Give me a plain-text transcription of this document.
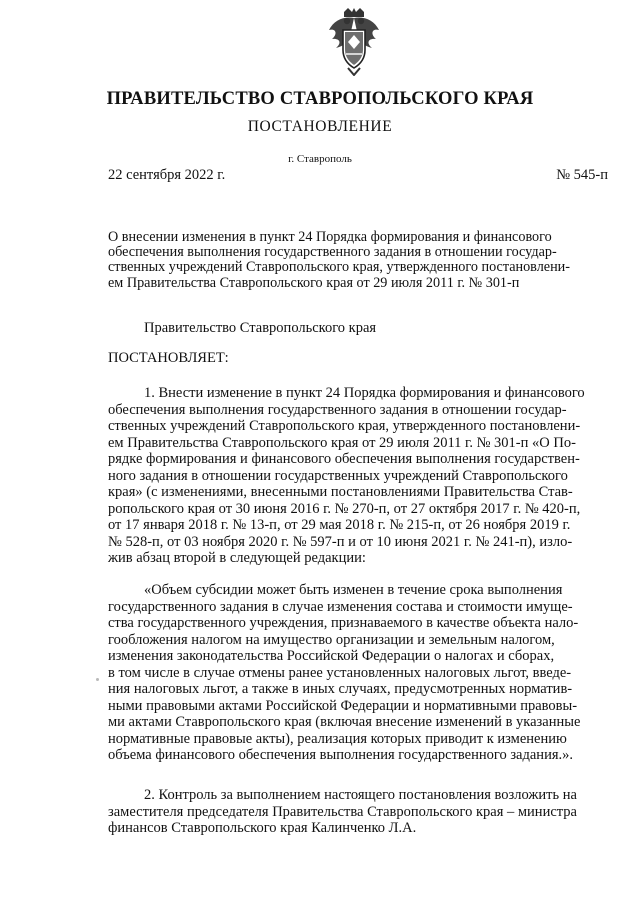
ПРАВИТЕЛЬСТВО СТАВРОПОЛЬСКОГО КРАЯ
ПОСТАНОВЛЕНИЕ
г. Ставрополь
22 сентября 2022 г.	№ 545-п
О внесении изменения в пункт 24 Порядка формирования и финансового
обеспечения выполнения государственного задания в отношении государ-
ственных учреждений Ставропольского края, утвержденного постановлени-
ем Правительства Ставропольского края от 29 июля 2011 г. № 301-п
Правительство Ставропольского края
ПОСТАНОВЛЯЕТ:
1. Внести изменение в пункт 24 Порядка формирования и финансового
обеспечения выполнения государственного задания в отношении государ-
ственных учреждений Ставропольского края, утвержденного постановлени-
ем Правительства Ставропольского края от 29 июля 2011 г. № 301-п «О По-
рядке формирования и финансового обеспечения выполнения государствен-
ного задания в отношении государственных учреждений Ставропольского
края» (с изменениями, внесенными постановлениями Правительства Став-
ропольского края от 30 июня 2016 г. № 270-п, от 27 октября 2017 г. № 420-п,
от 17 января 2018 г. № 13-п, от 29 мая 2018 г. № 215-п, от 26 ноября 2019 г.
№ 528-п, от 03 ноября 2020 г. № 597-п и от 10 июня 2021 г. № 241-п), изло-
жив абзац второй в следующей редакции:
«Объем субсидии может быть изменен в течение срока выполнения
государственного задания в случае изменения состава и стоимости имуще-
ства государственного учреждения, признаваемого в качестве объекта нало-
гообложения налогом на имущество организации и земельным налогом,
изменения законодательства Российской Федерации о налогах и сборах,
в том числе в случае отмены ранее установленных налоговых льгот, введе-
ния налоговых льгот, а также в иных случаях, предусмотренных норматив-
ными правовыми актами Российской Федерации и нормативными правовы-
ми актами Ставропольского края (включая внесение изменений в указанные
нормативные правовые акты), реализация которых приводит к изменению
объема финансового обеспечения выполнения государственного задания.».
2. Контроль за выполнением настоящего постановления возложить на
заместителя председателя Правительства Ставропольского края – министра
финансов Ставропольского края Калинченко Л.А.
